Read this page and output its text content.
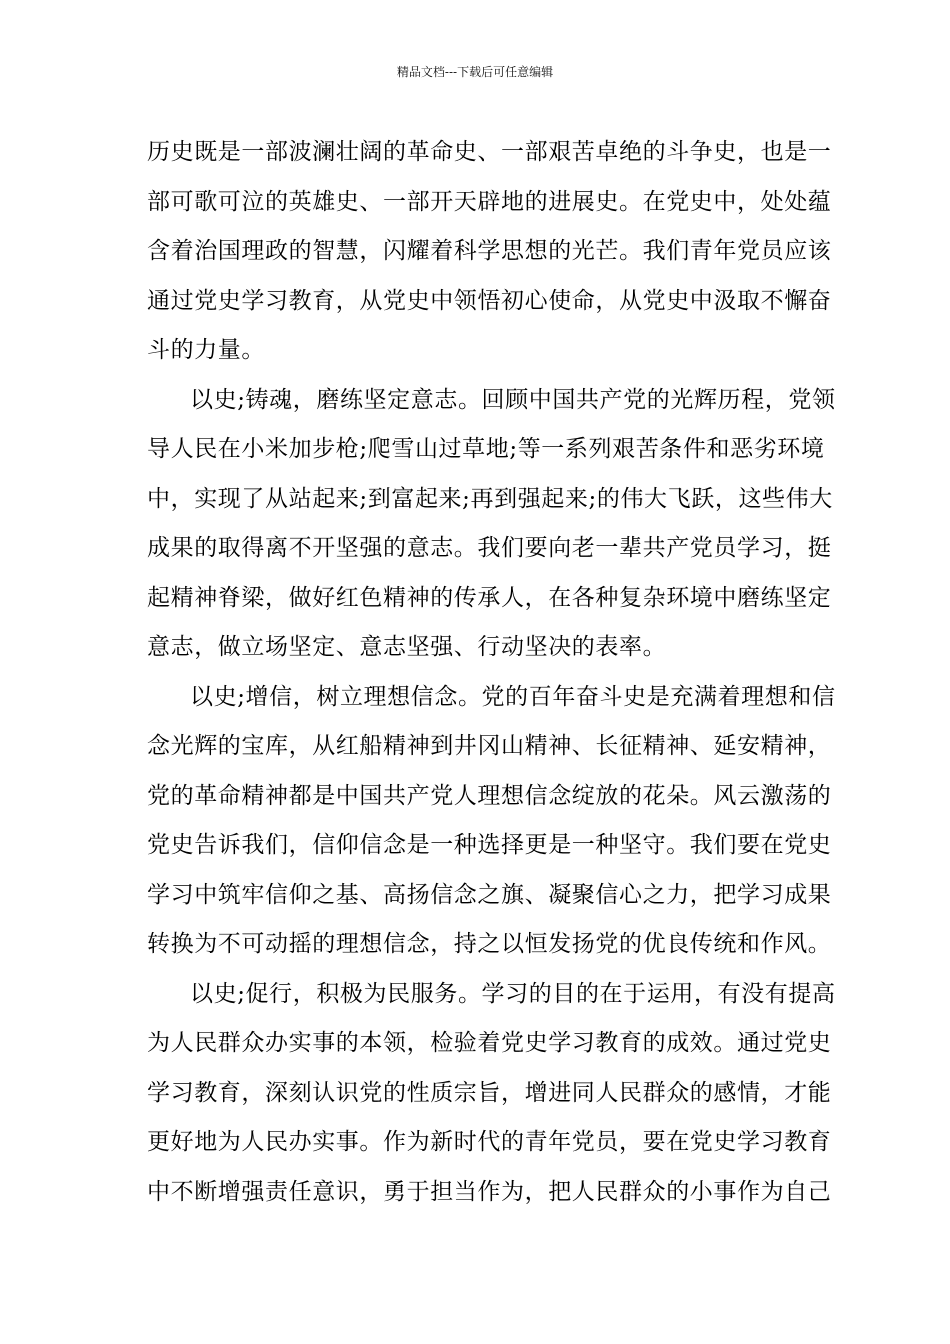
精品文档---下载后可任意编辑
历史既是一部波澜壮阔的革命史、一部艰苦卓绝的斗争史，也是一
部可歌可泣的英雄史、一部开天辟地的进展史。在党史中，处处蕴
含着治国理政的智慧，闪耀着科学思想的光芒。我们青年党员应该
通过党史学习教育，从党史中领悟初心使命，从党史中汲取不懈奋
斗的力量。
以史;铸魂，磨练坚定意志。回顾中国共产党的光辉历程，党领
导人民在小米加步枪;爬雪山过草地;等一系列艰苦条件和恶劣环境
中，实现了从站起来;到富起来;再到强起来;的伟大飞跃，这些伟大
成果的取得离不开坚强的意志。我们要向老一辈共产党员学习，挺
起精神脊梁，做好红色精神的传承人，在各种复杂环境中磨练坚定
意志，做立场坚定、意志坚强、行动坚决的表率。
以史;增信，树立理想信念。党的百年奋斗史是充满着理想和信
念光辉的宝库，从红船精神到井冈山精神、长征精神、延安精神，
党的革命精神都是中国共产党人理想信念绽放的花朵。风云激荡的
党史告诉我们，信仰信念是一种选择更是一种坚守。我们要在党史
学习中筑牢信仰之基、高扬信念之旗、凝聚信心之力，把学习成果
转换为不可动摇的理想信念，持之以恒发扬党的优良传统和作风。
以史;促行，积极为民服务。学习的目的在于运用，有没有提高
为人民群众办实事的本领，检验着党史学习教育的成效。通过党史
学习教育，深刻认识党的性质宗旨，增进同人民群众的感情，才能
更好地为人民办实事。作为新时代的青年党员，要在党史学习教育
中不断增强责任意识，勇于担当作为，把人民群众的小事作为自己
